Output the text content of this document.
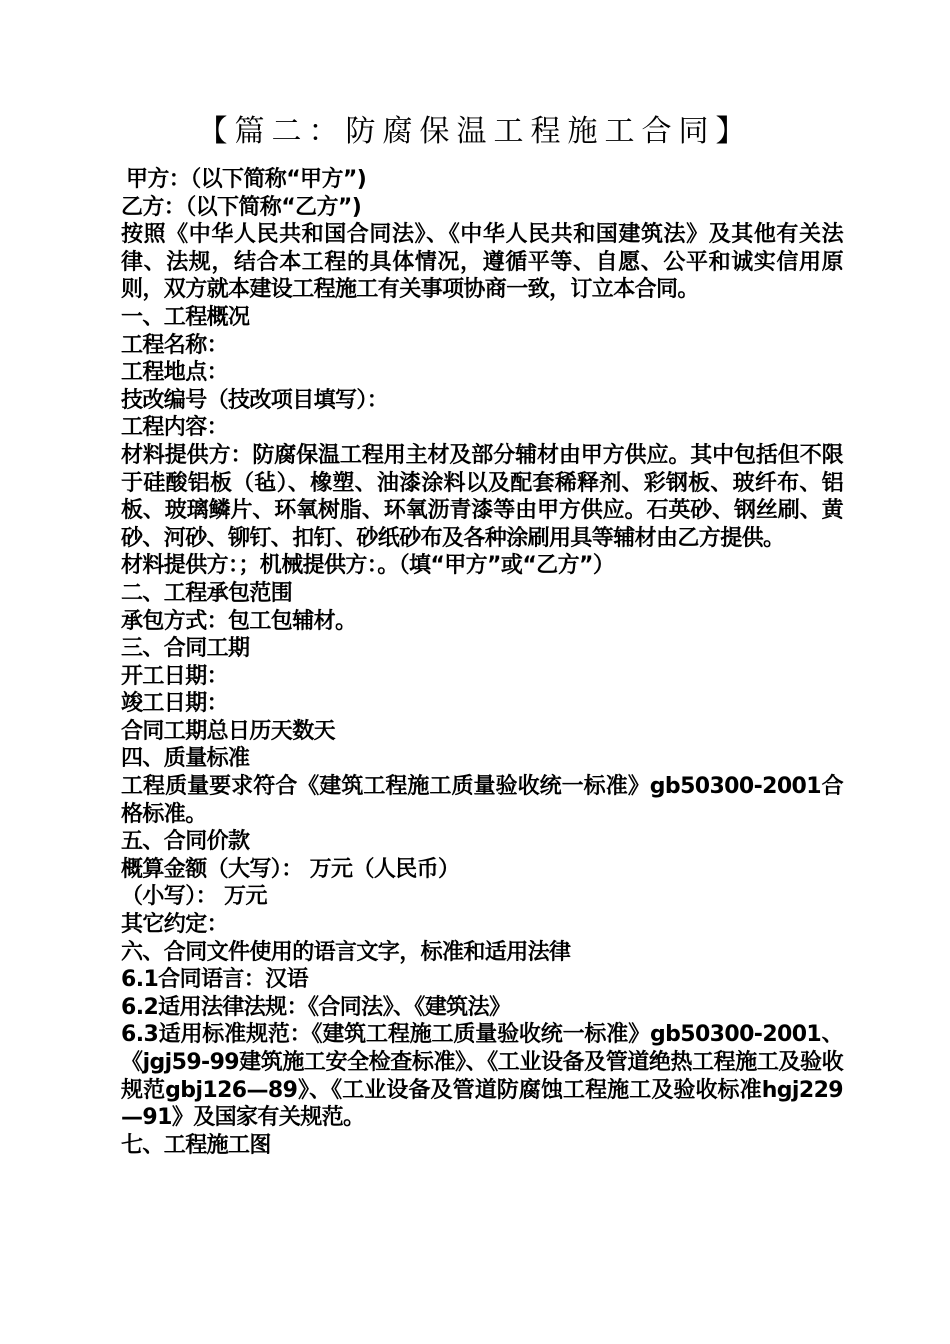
【篇二：防腐保温工程施工合同】

甲方：（以下简称“甲方”)

乙方：（以下简称“乙方”)

按照《中华人民共和国合同法》、《中华人民共和国建筑法》及其他有关法律、法规，结合本工程的具体情况，遵循平等、自愿、公平和诚实信用原则，双方就本建设工程施工有关事项协商一致，订立本合同。

一、工程概况

工程名称：

工程地点：

技改编号（技改项目填写）：

工程内容：

材料提供方：防腐保温工程用主材及部分辅材由甲方供应。其中包括但不限于硅酸铝板（毡）、橡塑、油漆涂料以及配套稀释剂、彩钢板、玻纤布、铝板、玻璃鳞片、环氧树脂、环氧沥青漆等由甲方供应。石英砂、钢丝刷、黄砂、河砂、铆钉、扣钉、砂纸砂布及各种涂刷用具等辅材由乙方提供。

材料提供方：；机械提供方：。（填“甲方”或“乙方”）

二、工程承包范围

承包方式：包工包辅材。

三、合同工期

开工日期：

竣工日期：

合同工期总日历天数天

四、质量标准

工程质量要求符合《建筑工程施工质量验收统一标准》gb50300-2001合格标准。

五、合同价款

概算金额（大写）： 万元（人民币）

（小写）： 万元

其它约定：

六、合同文件使用的语言文字，标准和适用法律

6.1合同语言：汉语

6.2适用法律法规：《合同法》、《建筑法》

6.3适用标准规范：《建筑工程施工质量验收统一标准》gb50300-2001、《jgj59-99建筑施工安全检查标准》、《工业设备及管道绝热工程施工及验收规范gbj126—89》、《工业设备及管道防腐蚀工程施工及验收标准hgj229—91》及国家有关规范。

七、工程施工图
